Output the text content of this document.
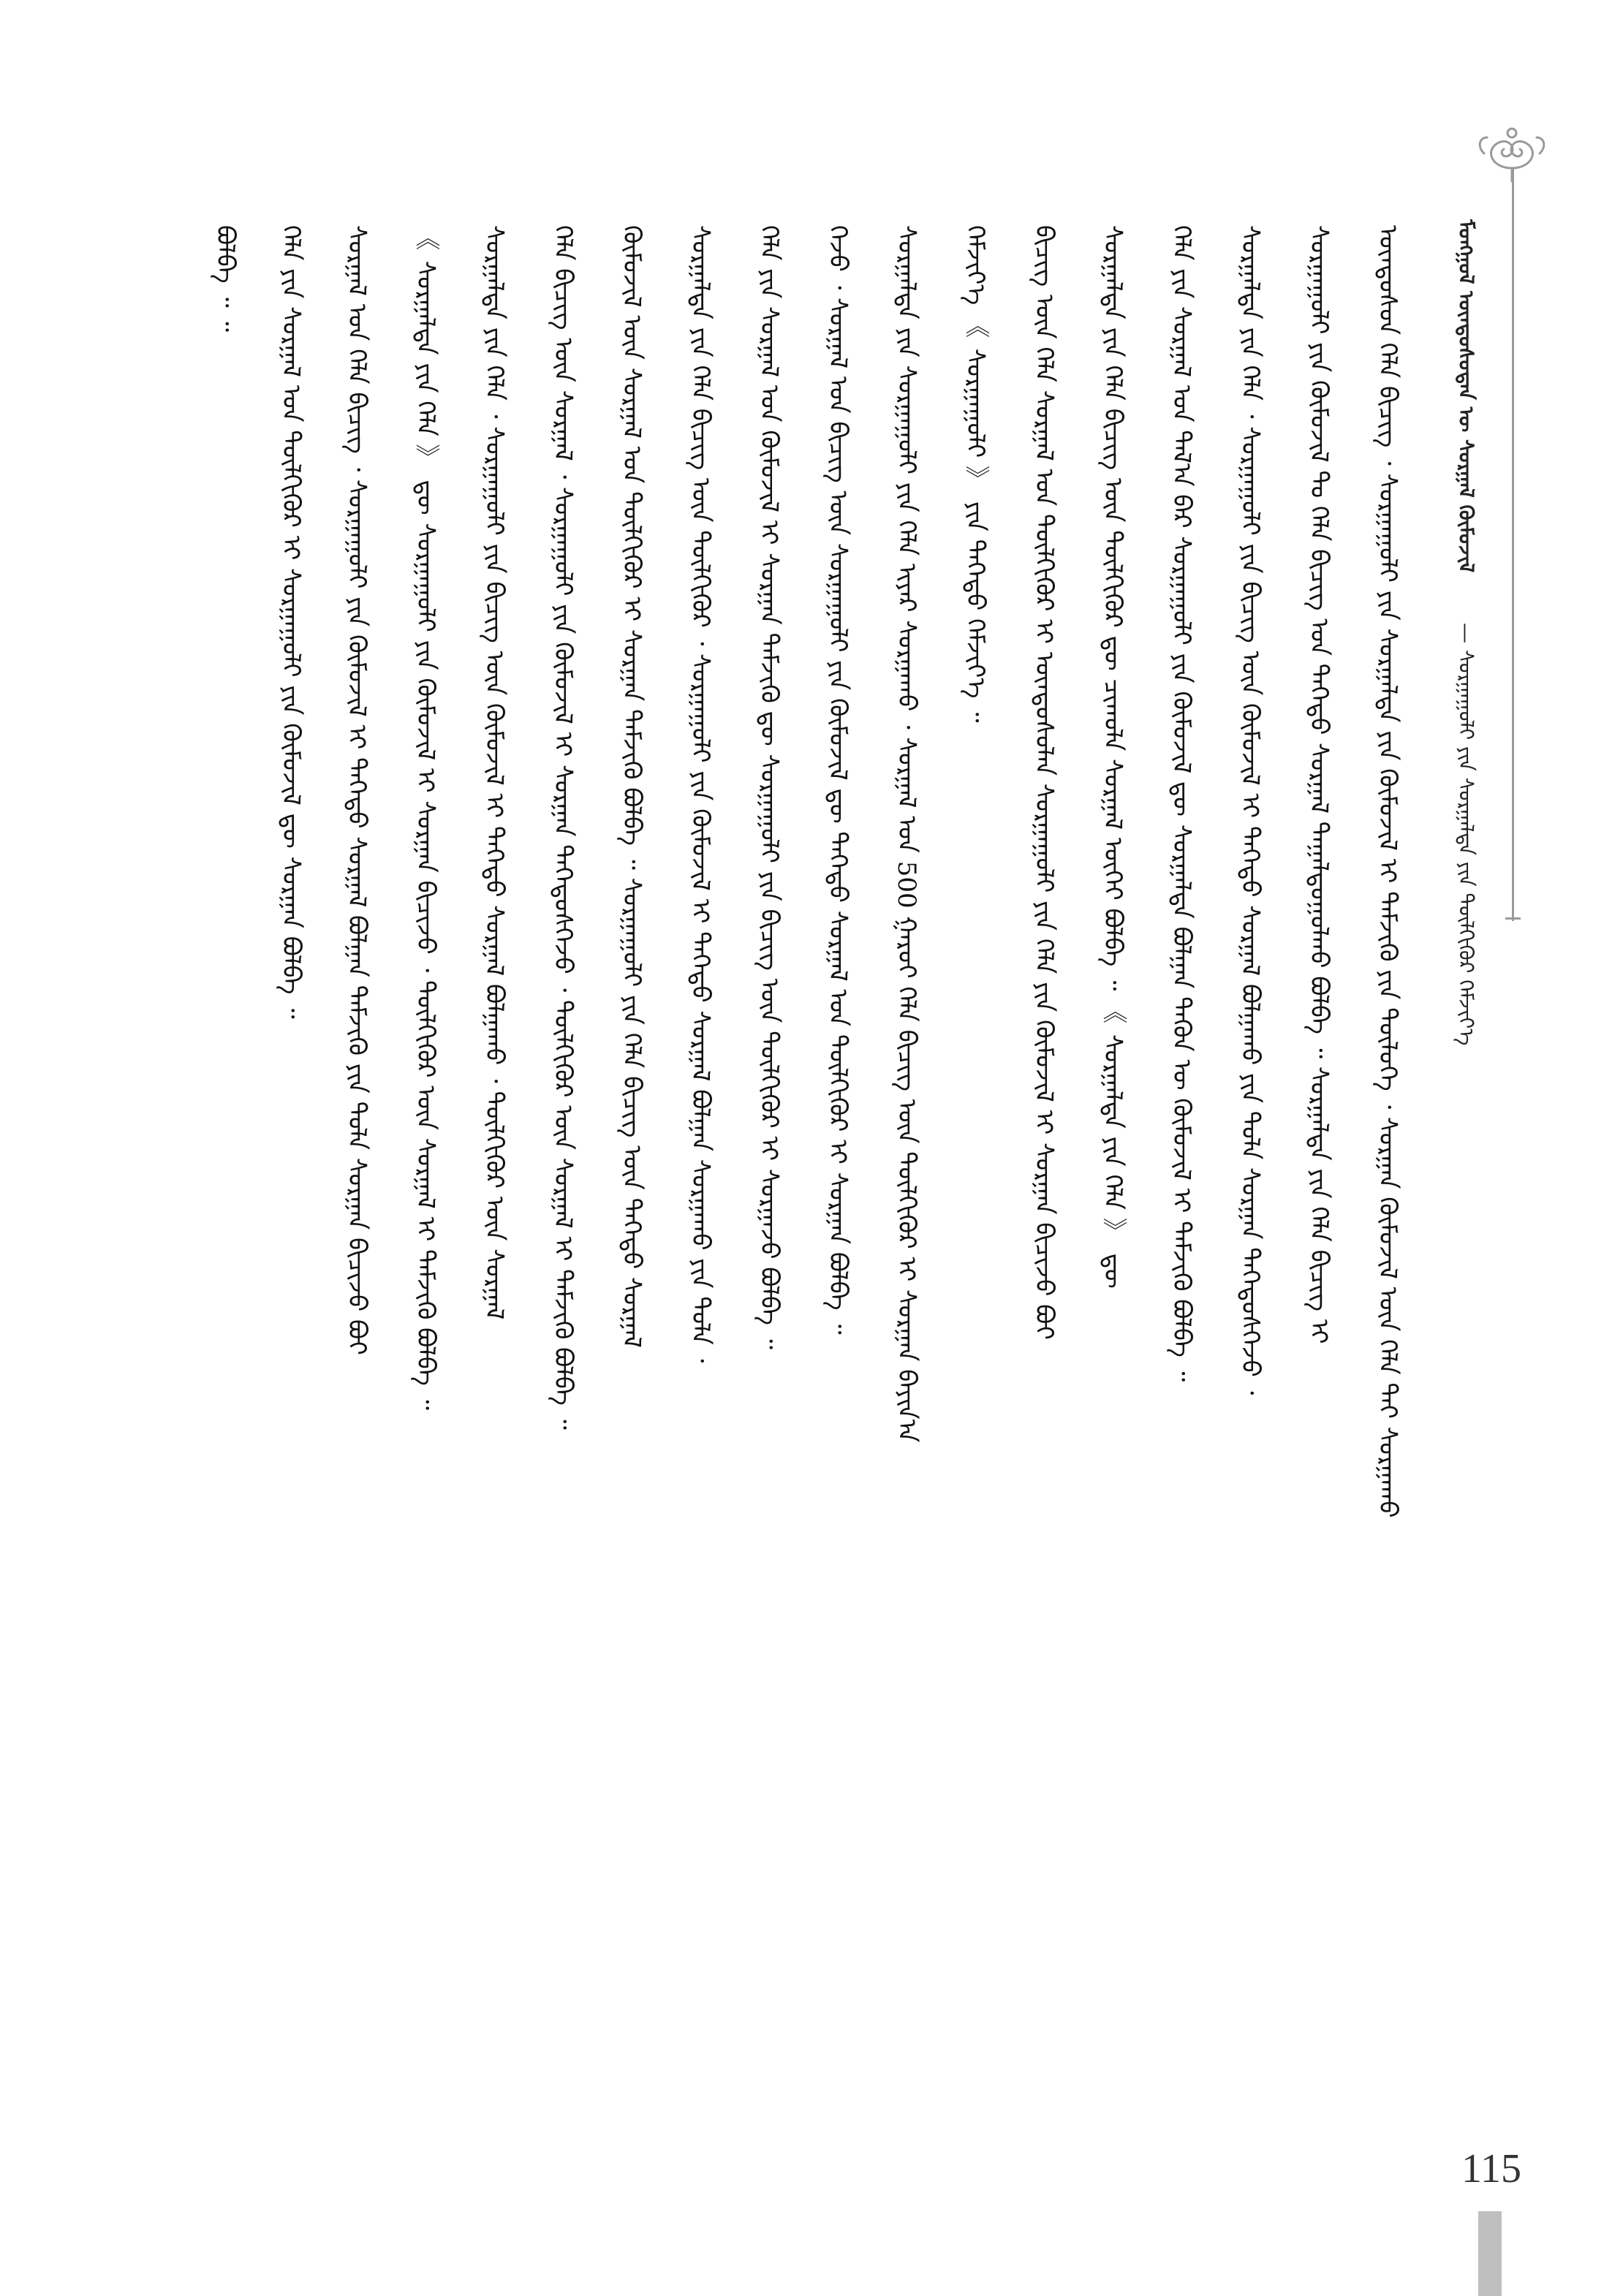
ᠮᠣᠩᠭᠣᠯ ᠦᠨᠳᠦᠰᠦᠲᠡᠨ ᠦ ᠰᠤᠷᠭᠠᠯ ᠬᠦᠮᠦᠵᠢᠯ — ᠰᠤᠷᠭᠠᠭᠤᠯᠢ ᠶᠢᠨ ᠰᠤᠷᠭᠠᠯᠲᠠ ᠶᠢᠨ ᠲᠦᠯᠬᠢᠭᠦᠷ ᠬᠡᠮᠵᠢᠶ᠎ᠡ
ᠦᠨᠳᠦᠰᠦᠨ ᠬᠡᠯᠡ ᠪᠢᠴᠢᠭ ᠂ ᠰᠤᠷᠭᠠᠭᠤᠯᠢ ᠶᠢᠨ ᠰᠤᠷᠭᠠᠯᠲᠠ ᠶᠢᠨ ᠬᠦᠮᠦᠵᠢᠯ ᠢ ᠳᠡᠮᠵᠢᠬᠦ ᠶᠢᠨ ᠲᠥᠯᠥᠭᠡ ᠂ ᠰᠤᠷᠭᠠᠨ ᠬᠦᠮᠦᠵᠢᠯ ᠦᠨ ᠬᠡᠯᠡ ᠲᠡᠢ ᠰᠤᠷᠭᠠᠬᠤ
ᠰᠤᠷᠭᠠᠭᠤᠯᠢ ᠶᠢᠨ ᠬᠦᠮᠦᠵᠢᠯ ᠲᠤ ᠬᠡᠯᠡ ᠪᠢᠴᠢᠭ ᠤᠨ ᠳᠡᠭᠡᠳᠦ ᠰᠤᠷᠭᠠᠯ ᠳᠠᠭᠠᠯᠳᠤᠭᠤᠯᠬᠤ ᠪᠣᠯᠪᠠ ᠃ ᠰᠤᠷᠭᠠᠯᠲᠠ ᠶᠢᠨ ᠬᠡᠯᠡ ᠪᠢᠴᠢᠭ ᠢ
ᠰᠤᠷᠭᠠᠯᠲᠠ ᠶᠢᠨ ᠬᠡᠯᠡ ᠂ ᠰᠤᠷᠭᠠᠭᠤᠯᠢ ᠶᠢᠨ ᠪᠢᠴᠢᠭ ᠦᠨ ᠬᠦᠮᠦᠵᠢᠯ ᠢ ᠳᠡᠭᠡᠳᠦ ᠰᠤᠷᠭᠠᠯ ᠪᠣᠯᠭᠠᠬᠤ ᠶᠢᠨ ᠲᠤᠯᠠ ᠰᠤᠷᠭᠠᠨ ᠳᠡᠭᠡᠳᠦᠰᠬᠡᠵᠦ ᠂
ᠬᠡᠯᠡ ᠶᠢᠨ ᠰᠤᠷᠭᠠᠯ ᠤᠨ ᠲᠠᠯ᠎ᠠ ᠪᠠᠷ ᠰᠤᠷᠭᠠᠭᠤᠯᠢ ᠶᠢᠨ ᠬᠦᠮᠦᠵᠢᠯ ᠳᠦ ᠰᠤᠷᠭᠠᠯᠲᠠ ᠪᠣᠯᠭᠠᠨ ᠲᠡᠭᠦᠨ ᠦ ᠬᠦᠮᠦᠵᠢᠯ ᠢ ᠳᠡᠮᠵᠢᠬᠦ ᠪᠣᠯᠪᠠ ᠃
ᠰᠤᠷᠭᠠᠯᠲᠠ ᠶᠢᠨ ᠬᠡᠯᠡ ᠪᠢᠴᠢᠭ ᠦᠨ ᠲᠦᠯᠬᠢᠭᠦᠷ ᠳᠦ ᠴᠢᠬᠤᠯᠠ ᠰᠤᠷᠭᠠᠯ ᠦᠭᠡᠢ ᠪᠣᠯᠪᠠ ᠃ 《 ᠰᠤᠷᠭᠠᠯᠲᠠ ᠶᠢᠨ ᠬᠡᠯᠡ 》 ᠳᠦ
ᠪᠢᠴᠢᠭ ᠦᠨ ᠬᠡᠯᠡ ᠰᠤᠷᠭᠠᠯ ᠤᠨ ᠲᠦᠯᠬᠢᠭᠦᠷ ᠢ ᠦᠨᠳᠦᠰᠦᠯᠡᠨ ᠰᠤᠷᠭᠠᠭᠤᠯᠢ ᠶᠢᠨ ᠬᠡᠯᠡ ᠶᠢᠨ ᠬᠦᠮᠦᠵᠢᠯ ᠢ ᠰᠤᠷᠭᠠᠨ ᠪᠢᠴᠢᠵᠦ ᠪᠤᠢ
ᠬᠡᠮᠵᠢᠶ᠎ᠡ 《 ᠰᠤᠷᠭᠠᠭᠤᠯᠢ 》 ᠶᠢᠨ ᠳᠡᠭᠡᠳᠦ ᠬᠡᠮᠵᠢᠶ᠎ᠡ ᠃
ᠰᠤᠷᠭᠠᠯᠲᠠ ᠶᠢᠨ ᠰᠤᠷᠭᠠᠭᠤᠯᠢ ᠶᠢᠨ ᠬᠡᠯᠡ ᠢᠶᠡᠷ ᠰᠤᠷᠭᠠᠬᠤ ᠂ ᠰᠤᠷᠭᠠᠯ ᠤᠨ 500 ᠭᠠᠷᠤᠢ ᠬᠡᠯᠡ ᠪᠢᠴᠢᠭ ᠦᠨ ᠲᠦᠯᠬᠢᠭᠦᠷ ᠢ ᠰᠤᠷᠭᠠᠨ ᠪᠠᠶᠢᠨ᠎ᠠ
ᠭᠡᠵᠦ ᠂ ᠰᠤᠷᠭᠠᠯ ᠤᠨ ᠪᠢᠴᠢᠭ ᠦᠨ ᠰᠤᠷᠭᠠᠭᠤᠯᠢ ᠶᠢᠨ ᠬᠦᠮᠦᠵᠢᠯ ᠳᠦ ᠳᠡᠭᠡᠳᠦ ᠰᠤᠷᠭᠠᠯ ᠤᠨ ᠲᠦᠯᠬᠢᠭᠦᠷ ᠢ ᠰᠤᠷᠭᠠᠨ ᠪᠣᠯᠪᠠ ᠃
ᠬᠡᠯᠡ ᠶᠢᠨ ᠰᠤᠷᠭᠠᠯ ᠤᠨ ᠬᠦᠮᠦᠵᠢᠯ ᠢ ᠰᠤᠷᠭᠠᠨ ᠳᠡᠮᠵᠢᠬᠦ ᠳᠦ ᠰᠤᠷᠭᠠᠭᠤᠯᠢ ᠶᠢᠨ ᠪᠢᠴᠢᠭ ᠦᠨ ᠲᠦᠯᠬᠢᠭᠦᠷ ᠢ ᠰᠤᠷᠭᠠᠵᠤ ᠪᠣᠯᠪᠠ ᠃
ᠰᠤᠷᠭᠠᠯᠲᠠ ᠶᠢᠨ ᠬᠡᠯᠡ ᠪᠢᠴᠢᠭ ᠦᠨ ᠲᠦᠯᠬᠢᠭᠦᠷ ᠂ ᠰᠤᠷᠭᠠᠭᠤᠯᠢ ᠶᠢᠨ ᠬᠦᠮᠦᠵᠢᠯ ᠢ ᠳᠡᠭᠡᠳᠦ ᠰᠤᠷᠭᠠᠯ ᠪᠣᠯᠭᠠᠨ ᠰᠤᠷᠭᠠᠬᠤ ᠶᠢᠨ ᠲᠤᠯᠠ ᠂
ᠬᠦᠮᠦᠵᠢᠯ ᠦᠨ ᠰᠤᠷᠭᠠᠯ ᠤᠨ ᠲᠦᠯᠬᠢᠭᠦᠷ ᠢ ᠰᠤᠷᠭᠠᠨ ᠳᠡᠮᠵᠢᠬᠦ ᠪᠣᠯᠪᠠ ᠃ ᠰᠤᠷᠭᠠᠭᠤᠯᠢ ᠶᠢᠨ ᠬᠡᠯᠡ ᠪᠢᠴᠢᠭ ᠦᠨ ᠳᠡᠭᠡᠳᠦ ᠰᠤᠷᠭᠠᠯ
ᠬᠡᠯᠡ ᠪᠢᠴᠢᠭ ᠦᠨ ᠰᠤᠷᠭᠠᠯ ᠂ ᠰᠤᠷᠭᠠᠭᠤᠯᠢ ᠶᠢᠨ ᠬᠦᠮᠦᠵᠢᠯ ᠢ ᠰᠤᠷᠭᠠᠨ ᠳᠡᠭᠡᠳᠦᠰᠬᠡᠵᠦ ᠂ ᠲᠦᠯᠬᠢᠭᠦᠷ ᠦᠨ ᠰᠤᠷᠭᠠᠯ ᠢ ᠳᠡᠮᠵᠢᠬᠦ ᠪᠣᠯᠪᠠ ᠃
ᠰᠤᠷᠭᠠᠯᠲᠠ ᠶᠢᠨ ᠬᠡᠯᠡ ᠂ ᠰᠤᠷᠭᠠᠭᠤᠯᠢ ᠶᠢᠨ ᠪᠢᠴᠢᠭ ᠦᠨ ᠬᠦᠮᠦᠵᠢᠯ ᠢ ᠳᠡᠭᠡᠳᠦ ᠰᠤᠷᠭᠠᠯ ᠪᠣᠯᠭᠠᠬᠤ ᠂ ᠲᠦᠯᠬᠢᠭᠦᠷ ᠦᠨ ᠰᠤᠷᠭᠠᠯ
《 ᠰᠤᠷᠭᠠᠯᠲᠠ ᠶᠢᠨ ᠬᠡᠯᠡ 》 ᠳᠦ ᠰᠤᠷᠭᠠᠭᠤᠯᠢ ᠶᠢᠨ ᠬᠦᠮᠦᠵᠢᠯ ᠢ ᠰᠤᠷᠭᠠᠨ ᠪᠢᠴᠢᠵᠦ ᠂ ᠲᠦᠯᠬᠢᠭᠦᠷ ᠦᠨ ᠰᠤᠷᠭᠠᠯ ᠢ ᠳᠡᠮᠵᠢᠬᠦ ᠪᠣᠯᠪᠠ ᠃
ᠰᠤᠷᠭᠠᠯ ᠤᠨ ᠬᠡᠯᠡ ᠪᠢᠴᠢᠭ ᠂ ᠰᠤᠷᠭᠠᠭᠤᠯᠢ ᠶᠢᠨ ᠬᠦᠮᠦᠵᠢᠯ ᠢ ᠳᠡᠭᠡᠳᠦ ᠰᠤᠷᠭᠠᠯ ᠪᠣᠯᠭᠠᠨ ᠳᠡᠮᠵᠢᠬᠦ ᠶᠢᠨ ᠲᠤᠯᠠ ᠰᠤᠷᠭᠠᠨ ᠪᠢᠴᠢᠵᠦ ᠪᠤᠢ
ᠬᠡᠯᠡ ᠶᠢᠨ ᠰᠤᠷᠭᠠᠯ ᠤᠨ ᠲᠦᠯᠬᠢᠭᠦᠷ ᠢ ᠰᠤᠷᠭᠠᠭᠤᠯᠢ ᠶᠢᠨ ᠬᠦᠮᠦᠵᠢᠯ ᠳᠦ ᠰᠤᠷᠭᠠᠨ ᠪᠣᠯᠪᠠ ᠃
ᠪᠣᠯᠪᠠ ᠃ ᠃
115
